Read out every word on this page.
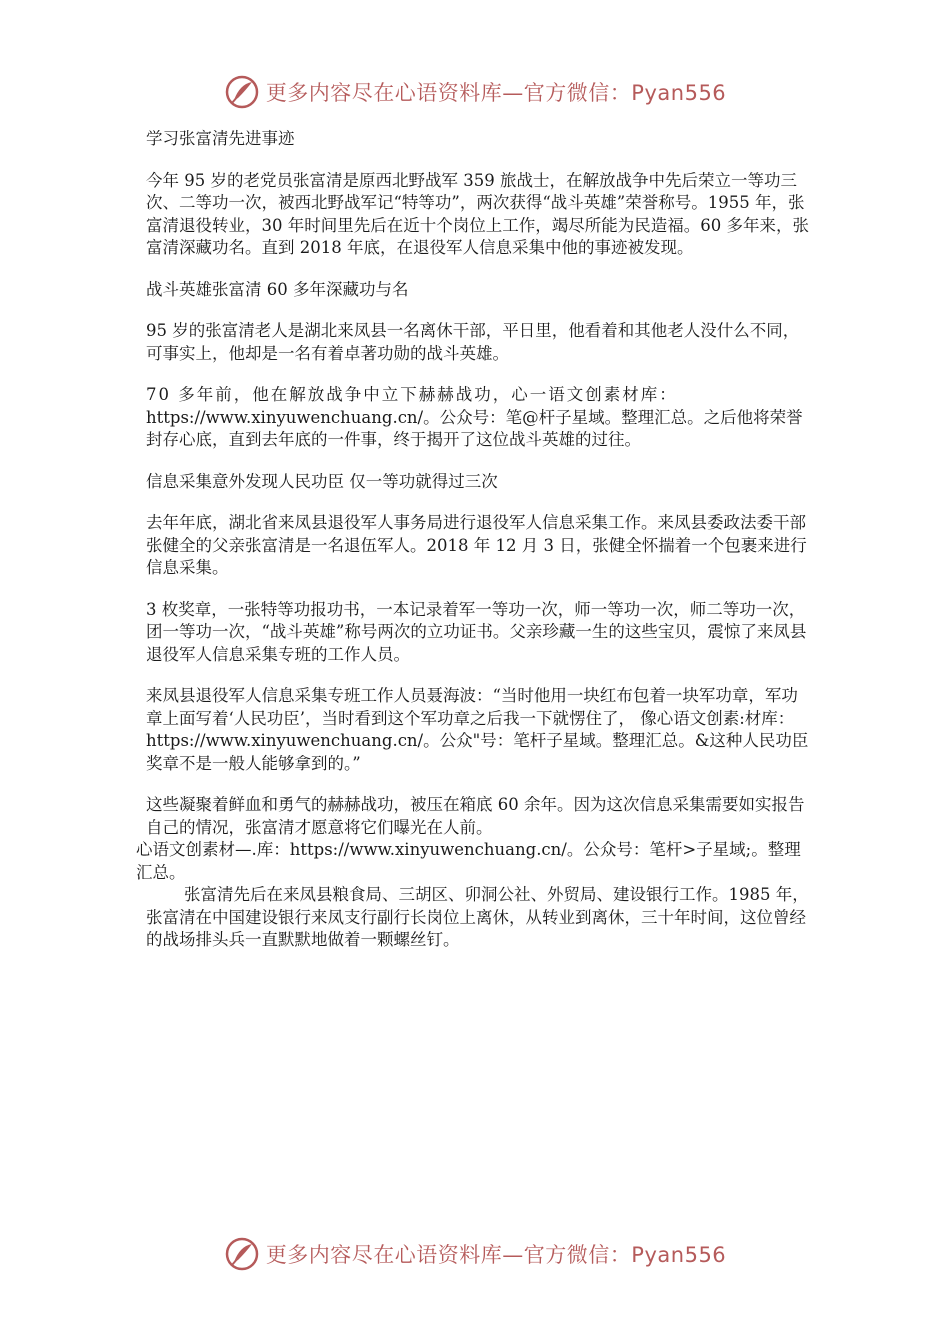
更多内容尽在心语资料库—官方微信：Pyan556

学习张富清先进事迹

今年 95 岁的老党员张富清是原西北野战军 359 旅战士，在解放战争中先后荣立一等功三次、二等功一次，被西北野战军记“特等功”，两次获得“战斗英雄”荣誉称号。1955 年，张富清退役转业，30 年时间里先后在近十个岗位上工作，竭尽所能为民造福。60 多年来，张富清深藏功名。直到 2018 年底，在退役军人信息采集中他的事迹被发现。

战斗英雄张富清 60 多年深藏功与名

95 岁的张富清老人是湖北来凤县一名离休干部，平日里，他看着和其他老人没什么不同，可事实上，他却是一名有着卓著功勋的战斗英雄。

70 多年前，他在解放战争中立下赫赫战功，心一语文创素材库：

https://www.xinyuwenchuang.cn/。公众号：笔@杆子星域。整理汇总。之后他将荣誉封存心底，直到去年底的一件事，终于揭开了这位战斗英雄的过往。

信息采集意外发现人民功臣 仅一等功就得过三次

去年年底，湖北省来凤县退役军人事务局进行退役军人信息采集工作。来凤县委政法委干部张健全的父亲张富清是一名退伍军人。2018 年 12 月 3 日，张健全怀揣着一个包裹来进行信息采集。

3 枚奖章，一张特等功报功书，一本记录着军一等功一次，师一等功一次，师二等功一次，团一等功一次，“战斗英雄”称号两次的立功证书。父亲珍藏一生的这些宝贝，震惊了来凤县退役军人信息采集专班的工作人员。

来凤县退役军人信息采集专班工作人员聂海波：“当时他用一块红布包着一块军功章，军功章上面写着‘人民功臣’，当时看到这个军功章之后我一下就愣住了， 像心语文创素:材库：https://www.xinyuwenchuang.cn/。公众"号：笔杆子星域。整理汇总。&这种人民功臣奖章不是一般人能够拿到的。”

这些凝聚着鲜血和勇气的赫赫战功，被压在箱底 60 余年。因为这次信息采集需要如实报告自己的情况，张富清才愿意将它们曝光在人前。

心语文创素材—.库：https://www.xinyuwenchuang.cn/。公众号：笔杆>子星域;。整理汇总。

张富清先后在来凤县粮食局、三胡区、卯洞公社、外贸局、建设银行工作。1985 年，张富清在中国建设银行来凤支行副行长岗位上离休，从转业到离休，三十年时间，这位曾经的战场排头兵一直默默地做着一颗螺丝钉。

更多内容尽在心语资料库—官方微信：Pyan556
